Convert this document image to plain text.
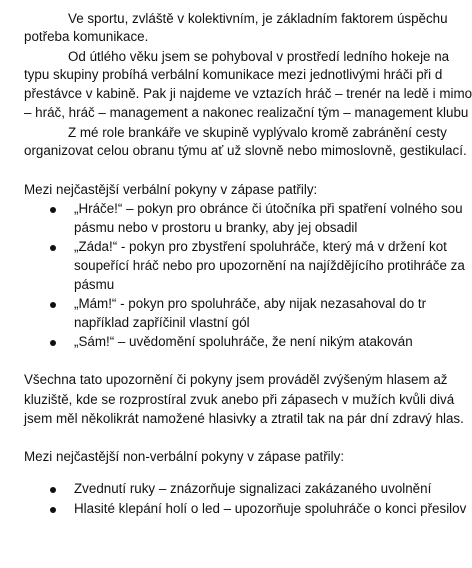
Ve sportu, zvláště v kolektivním, je základním faktorem úspěchu
potřeba komunikace.
Od útlého věku jsem se pohyboval v prostředí ledního hokeje na
typu skupiny probíhá verbální komunikace mezi jednotlivými hráči při d
přestávce v kabině. Pak ji najdeme ve vztazích hráč – trenér na ledě i mimo
– hráč, hráč – management a nakonec realizační tým – management klubu
Z mé role brankáře ve skupině vyplývalo kromě zabránění cesty
organizovat celou obranu týmu ať už slovně nebo mimoslovně, gestikulací.
Mezi nejčastější verbální pokyny v zápase patřily:
„Hráče!“ – pokyn pro obránce či útočníka při spatření volného sou
pásmu nebo v prostoru u branky, aby jej obsadil
„Záda!“ - pokyn pro zbystření spoluhráče, který má v držení kot
soupeřící hráč nebo pro upozornění na najíždějícího protihráče za
pásmu
„Mám!“ - pokyn pro spoluhráče, aby nijak nezasahoval do tr
například zapříčinil vlastní gól
„Sám!“ – uvědomění spoluhráče, že není nikým atakován
Všechna tato upozornění či pokyny jsem prováděl zvýšeným hlasem až
kluziště, kde se rozprostíral zvuk anebo při zápasech v mužích kvůli divá
jsem měl několikrát namožené hlasivky a ztratil tak na pár dní zdravý hlas.
Mezi nejčastější non-verbální pokyny v zápase patřily:
Zvednutí ruky – znázorňuje signalizaci zakázaného uvolnění
Hlasité klepání holí o led – upozorňuje spoluhráče o konci přesilov
